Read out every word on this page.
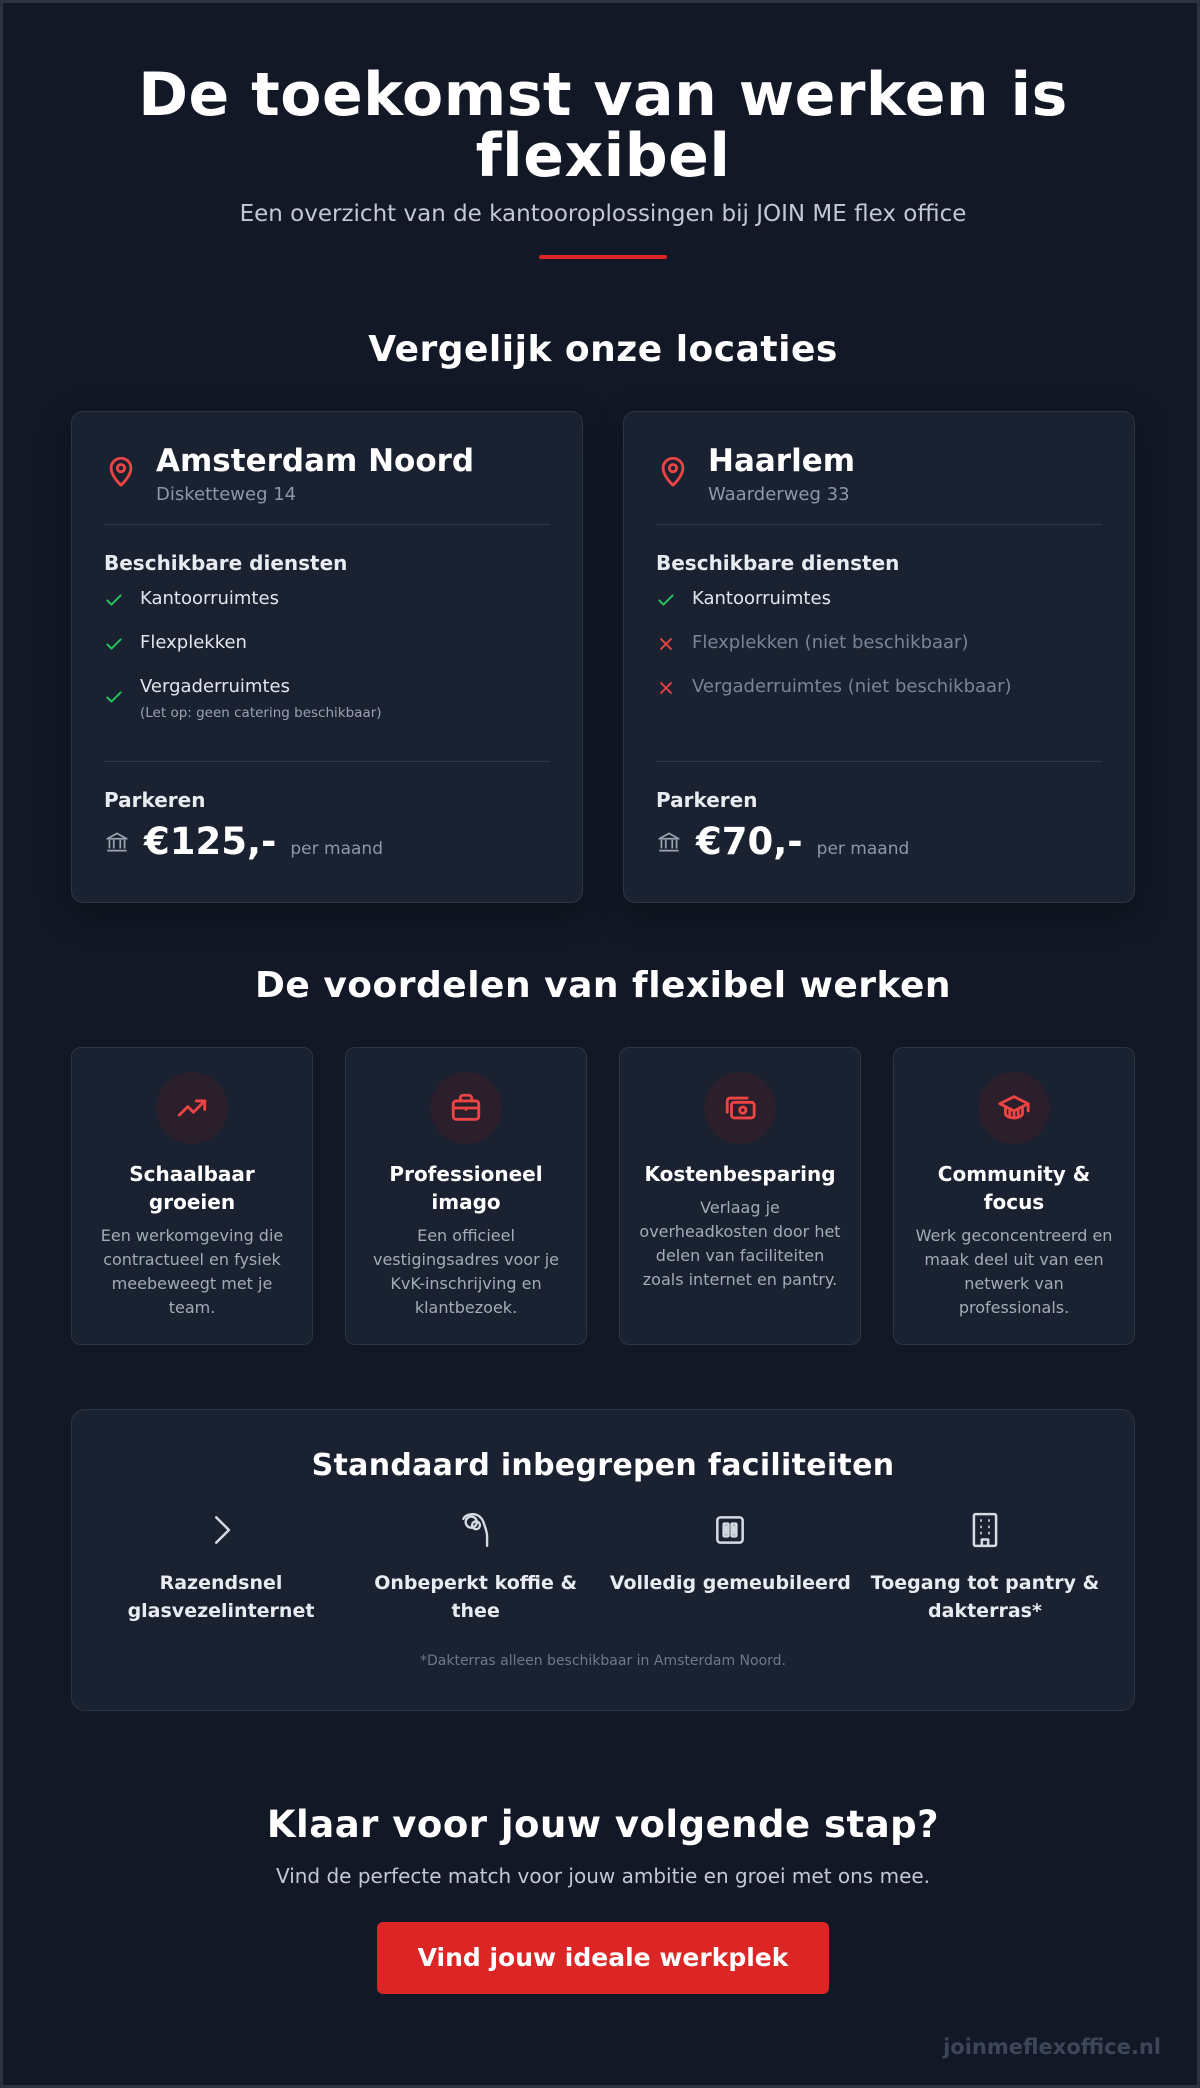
De toekomst van werken is flexibel

Een overzicht van de kantooroplossingen bij JOIN ME flex office

Vergelijk onze locaties
Amsterdam Noord
Disketteweg 14
Beschikbare diensten
Kantoorruimtes
Flexplekken
Vergaderruimtes
(Let op: geen catering beschikbaar)
Parkeren
€125,- per maand
Haarlem
Waarderweg 33
Beschikbare diensten
Kantoorruimtes
Flexplekken (niet beschikbaar)
Vergaderruimtes (niet beschikbaar)
Parkeren
€70,- per maand
De voordelen van flexibel werken
Schaalbaar groeien
Een werkomgeving die contractueel en fysiek meebeweegt met je team.
Professioneel imago
Een officieel vestigingsadres voor je KvK-inschrijving en klantbezoek.
Kostenbesparing
Verlaag je overheadkosten door het delen van faciliteiten zoals internet en pantry.
Community & focus
Werk geconcentreerd en maak deel uit van een netwerk van professionals.
Standaard inbegrepen faciliteiten
Razendsnel glasvezelinternet
Onbeperkt koffie & thee
Volledig gemeubileerd	Toegang tot pantry & dakterras*
*Dakterras alleen beschikbaar in Amsterdam Noord.
Klaar voor jouw volgende stap?
Vind de perfecte match voor jouw ambitie en groei met ons mee.
Vind jouw ideale werkplek
joinmeflexoffice.nl
